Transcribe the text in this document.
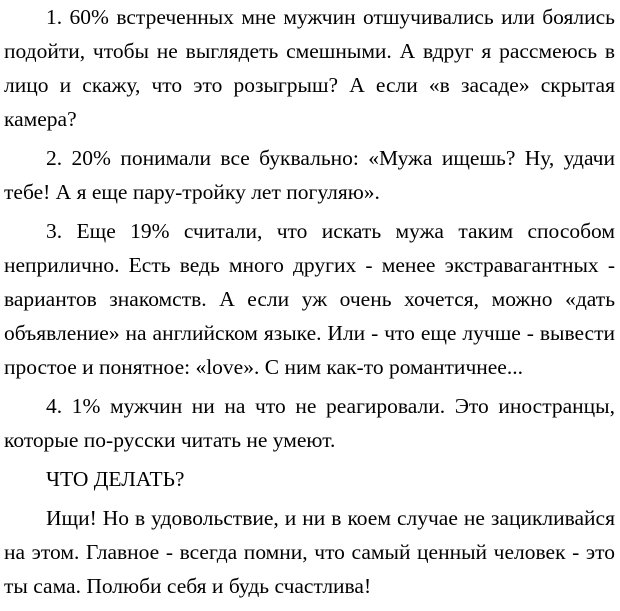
1. 60% встреченных мне мужчин отшучивались или боялись
подойти, чтобы не выглядеть смешными. А вдруг я рассмеюсь в
лицо и скажу, что это розыгрыш? А если «в засаде» скрытая
камера?
2. 20% понимали все буквально: «Мужа ищешь? Ну, удачи
тебе! А я еще пару-тройку лет погуляю».
3. Еще 19% считали, что искать мужа таким способом
неприлично. Есть ведь много других - менее экстравагантных -
вариантов знакомств. А если уж очень хочется, можно «дать
объявление» на английском языке. Или - что еще лучше - вывести
простое и понятное: «love». С ним как-то романтичнее...
4. 1% мужчин ни на что не реагировали. Это иностранцы,
которые по-русски читать не умеют.
ЧТО ДЕЛАТЬ?
Ищи! Но в удовольствие, и ни в коем случае не зацикливайся
на этом. Главное - всегда помни, что самый ценный человек - это
ты сама. Полюби себя и будь счастлива!
